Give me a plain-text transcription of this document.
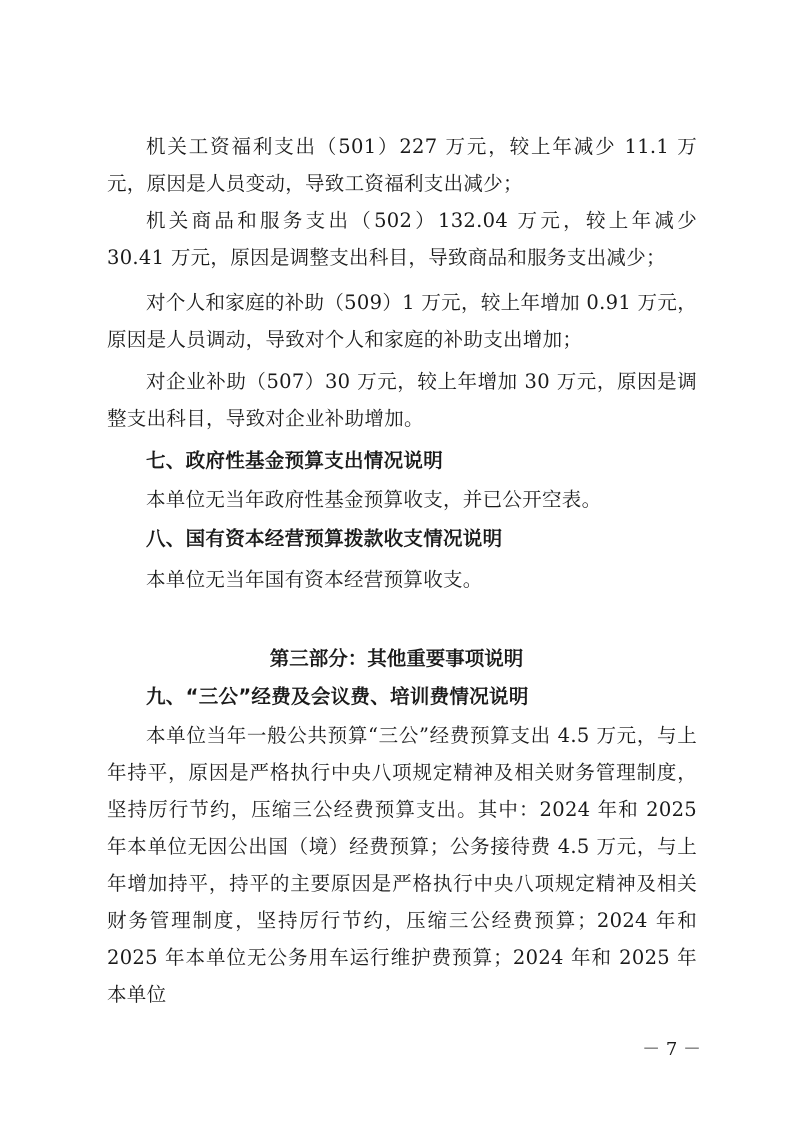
机关工资福利支出（501）227 万元，较上年减少 11.1 万元，原因是人员变动，导致工资福利支出减少；

机关商品和服务支出（502）132.04 万元，较上年减少 30.41 万元，原因是调整支出科目，导致商品和服务支出减少；

对个人和家庭的补助（509）1 万元，较上年增加 0.91 万元，原因是人员调动，导致对个人和家庭的补助支出增加；

对企业补助（507）30 万元，较上年增加 30 万元，原因是调整支出科目，导致对企业补助增加。

七、政府性基金预算支出情况说明

本单位无当年政府性基金预算收支，并已公开空表。

八、国有资本经营预算拨款收支情况说明

本单位无当年国有资本经营预算收支。

第三部分：其他重要事项说明
九、“三公”经费及会议费、培训费情况说明

本单位当年一般公共预算“三公”经费预算支出 4.5 万元，与上年持平，原因是严格执行中央八项规定精神及相关财务管理制度，坚持厉行节约，压缩三公经费预算支出。其中：2024 年和 2025 年本单位无因公出国（境）经费预算；公务接待费 4.5 万元，与上年增加持平，持平的主要原因是严格执行中央八项规定精神及相关财务管理制度，坚持厉行节约，压缩三公经费预算；2024 年和 2025 年本单位无公务用车运行维护费预算；2024 年和 2025 年本单位

－ 7 －
